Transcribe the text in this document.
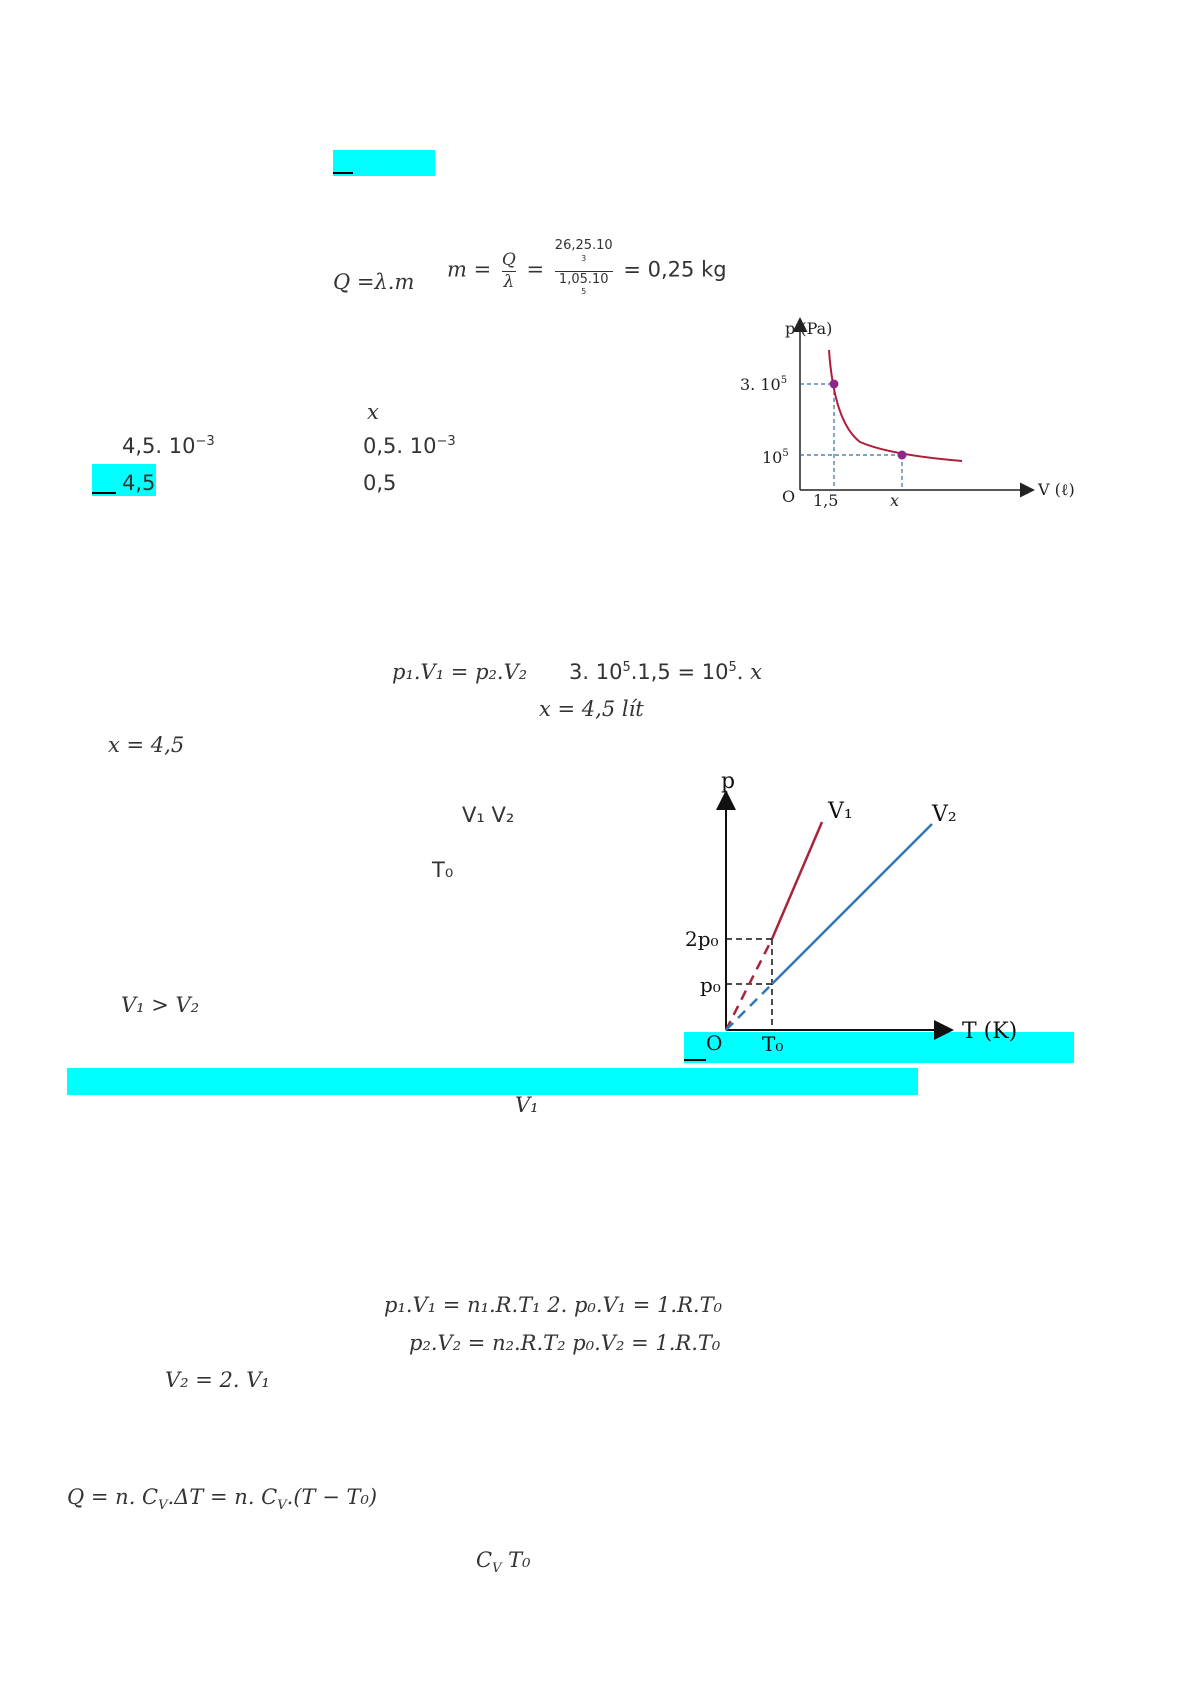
Q =λ.m
$m = \frac{Q}{\lambda} = 26,25.10$
$^3$
1,05.10
$^5$ = 0,25 kg
x
4,5. $10^{-3}$	0,5. $10^{-3}$
4,5	0,5
p (Pa)
V (ℓ)
O
3. $10^5$
$10^5$
1,5	x
p₁.V₁ = p₂.V₂ 3. $10^5.1,5 = 10^5$. x
x = 4,5 lít
x = 4,5
V₁ V₂
T₀
V₁ > V₂
V₁
p
T (K)
O
2p₀
p₀
T₀
V₁	V₂
p₁.V₁ = n₁.R.T₁ 2. p₀.V₁ = 1.R.T₀
p₂.V₂ = n₂.R.T₂ p₀.V₂ = 1.R.T₀
V₂ = 2. V₁
Q = n. $C_V.\Delta T = n$. $C_V.(T - T_0)$
$C_V$ T₀
